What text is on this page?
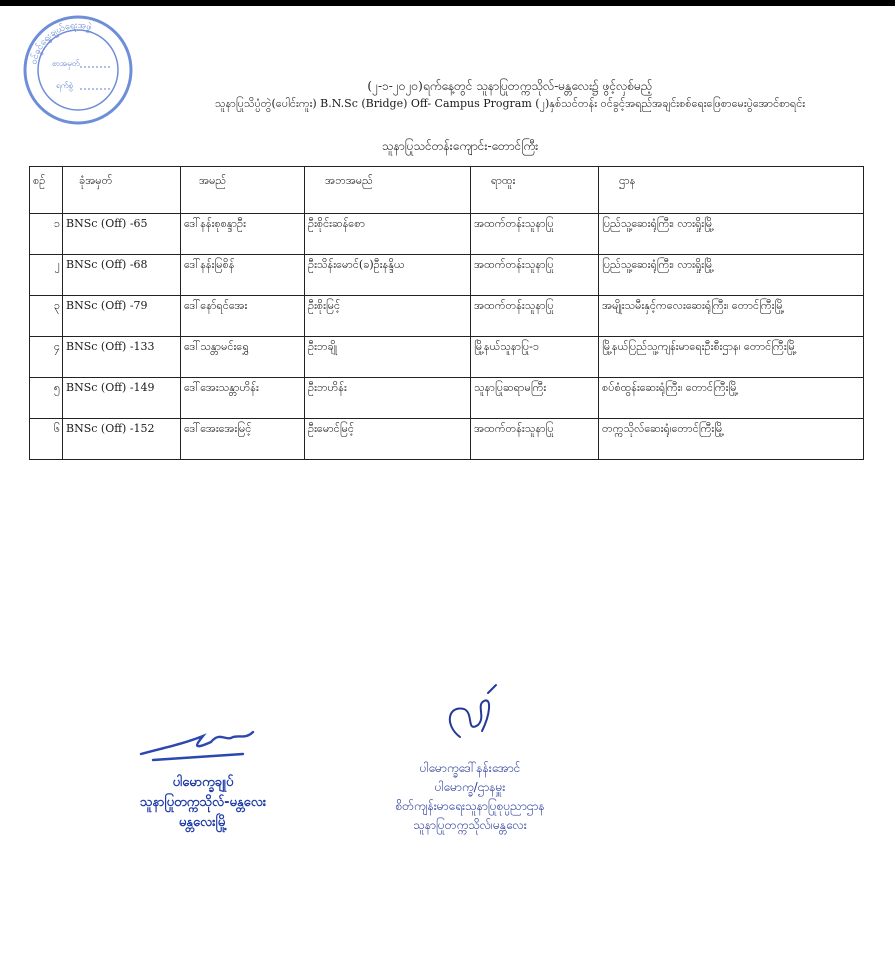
ဝင်ခွင့်ရွေးချယ်ရေးအဖွဲ့
စာအမှတ်
ရက်စွဲ	(၂-၁-၂၀၂၀)ရက်နေ့တွင် သူနာပြုတက္ကသိုလ်-မန္တလေး၌ ဖွင့်လှစ်မည့်
သူနာပြုသိပ္ပံတွဲ(ပေါင်းကူး) B.N.Sc (Bridge) Off- Campus Program (၂)နှစ်သင်တန်း ဝင်ခွင့်အရည်အချင်းစစ်ရေးဖြေစာမေးပွဲအောင်စာရင်း
သူနာပြုသင်တန်းကျောင်း-တောင်ကြီး
စဉ်	ခုံအမှတ်	အမည်	အဘအမည်	ရာထူး	ဌာန
၁	BNSc (Off) -65	ဒေါ်နန်းစုစန္ဒာဦး	ဦးစိုင်းဆန်စော	အထက်တန်းသူနာပြု	ပြည်သူ့ဆေးရုံကြီး၊ လားရှိုးမြို့
၂	BNSc (Off) -68	ဒေါ်နန်းမြစိန်	ဦးသိန်းမောင်(ခ)ဦးနန္ဒိယ	အထက်တန်းသူနာပြု	ပြည်သူ့ဆေးရုံကြီး၊ လားရှိုးမြို့
၃	BNSc (Off) -79	ဒေါ်နော်ရင်အေး	ဦးစိုးမြင့်	အထက်တန်းသူနာပြု	အမျိုးသမီးနှင့်ကလေးဆေးရုံကြီး၊ တောင်ကြီးမြို့
၄	BNSc (Off) -133	ဒေါ်သန္တာမင်းရွှေ	ဦးဘချို	မြို့နယ်သူနာပြု-၁	မြို့နယ်ပြည်သူ့ကျန်းမာရေးဦးစီးဌာန၊ တောင်ကြီးမြို့
၅	BNSc (Off) -149	ဒေါ်အေးသန္တာဟိန်း	ဦးဘဟိန်း	သူနာပြုဆရာမကြီး	စပ်စံထွန်းဆေးရုံကြီး၊ တောင်ကြီးမြို့
၆	BNSc (Off) -152	ဒေါ်အေးအေးမြင့်	ဦးမောင်မြင့်	အထက်တန်းသူနာပြု	တက္ကသိုလ်ဆေးရုံ၊တောင်ကြီးမြို့
ပါမောက္ခချုပ်
သူနာပြုတက္ကသိုလ်-မန္တလေး
မန္တလေးမြို့
ပါမောက္ခဒေါ်နန်းအောင်
ပါမောက္ခ/ဌာနမှူး
စိတ်ကျန်းမာရေးသူနာပြုစုပ္ပညာဌာန
သူနာပြုတက္ကသိုလ်၊မန္တလေး
